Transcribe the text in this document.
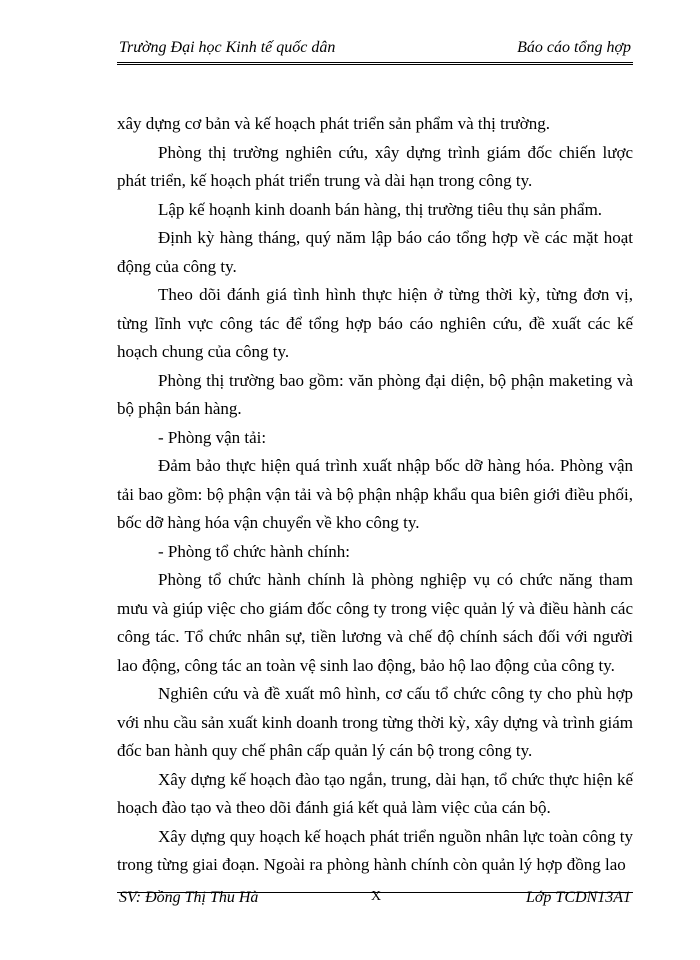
Trường Đại học Kinh tế quốc dân	Báo cáo tổng hợp

xây dựng cơ bản và kế hoạch phát triển sản phẩm và thị trường.

Phòng thị trường nghiên cứu, xây dựng trình giám đốc chiến lược phát triển, kế hoạch phát triển trung và dài hạn trong công ty.

Lập kế hoạnh kinh doanh bán hàng, thị trường tiêu thụ sản phẩm.

Định kỳ hàng tháng, quý năm lập báo cáo tổng hợp về các mặt hoạt động của công ty.

Theo dõi đánh giá tình hình thực hiện ở từng thời kỳ, từng đơn vị, từng lĩnh vực công tác để tổng hợp báo cáo nghiên cứu, đề xuất các kế hoạch chung của công ty.

Phòng thị trường bao gồm: văn phòng đại diện, bộ phận maketing và bộ phận bán hàng.

- Phòng vận tải:

Đảm bảo thực hiện quá trình xuất nhập bốc dỡ hàng hóa. Phòng vận tải bao gồm: bộ phận vận tải và bộ phận nhập khẩu qua biên giới điều phối, bốc dỡ hàng hóa vận chuyển về kho công ty.

- Phòng tổ chức hành chính:

Phòng tổ chức hành chính là phòng nghiệp vụ có chức năng tham mưu và giúp việc cho giám đốc công ty trong việc quản lý và điều hành các công tác. Tổ chức nhân sự, tiền lương và chế độ chính sách đối với người lao động, công tác an toàn vệ sinh lao động, bảo hộ lao động của công ty.

Nghiên cứu và đề xuất mô hình, cơ cấu tổ chức công ty cho phù hợp với nhu cầu sản xuất kinh doanh trong từng thời kỳ, xây dựng và trình giám đốc ban hành quy chế phân cấp quản lý cán bộ trong công ty.

Xây dựng kế hoạch đào tạo ngắn, trung, dài hạn, tổ chức thực hiện kế hoạch đào tạo và theo dõi đánh giá kết quả làm việc của cán bộ.

Xây dựng quy hoạch kế hoạch phát triển nguồn nhân lực toàn công ty trong từng giai đoạn. Ngoài ra phòng hành chính còn quản lý hợp đồng lao

SV: Đồng Thị Thu Hà	X	Lớp TCDN13A1
